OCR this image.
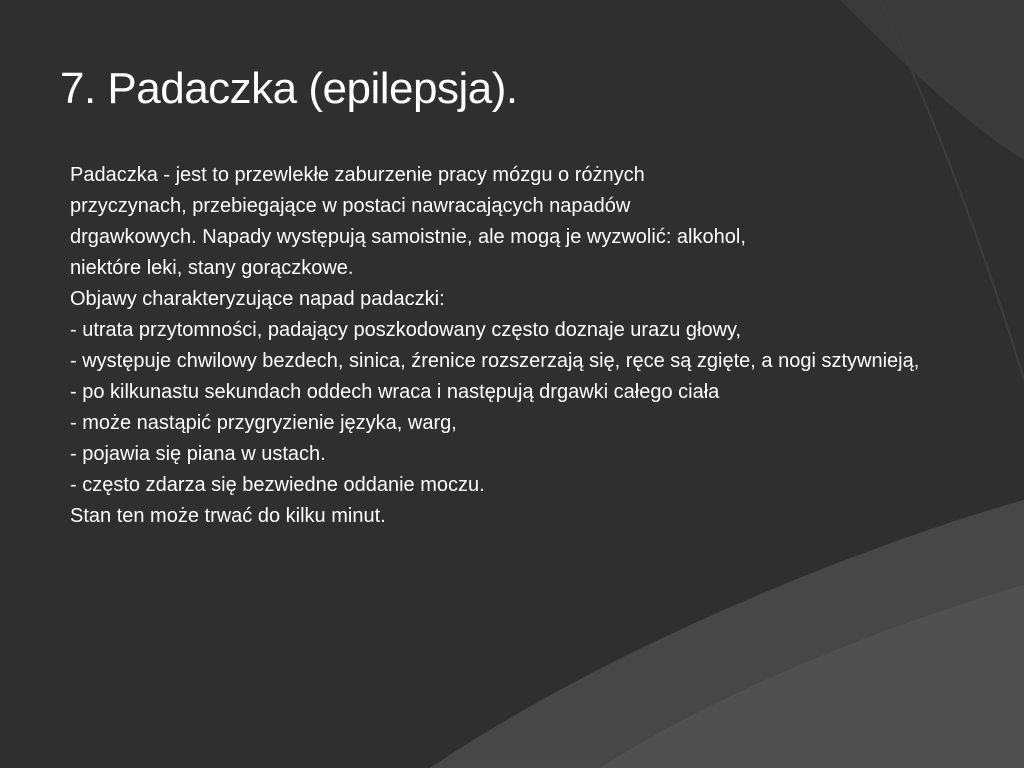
7. Padaczka (epilepsja).
Padaczka - jest to przewlekłe zaburzenie pracy mózgu o różnych
przyczynach, przebiegające w postaci nawracających napadów
drgawkowych. Napady występują samoistnie, ale mogą je wyzwolić: alkohol,
niektóre leki, stany gorączkowe.
Objawy charakteryzujące napad padaczki:
- utrata przytomności, padający poszkodowany często doznaje urazu głowy,
- występuje chwilowy bezdech, sinica, źrenice rozszerzają się, ręce są zgięte, a nogi sztywnieją,
- po kilkunastu sekundach oddech wraca i następują drgawki całego ciała
- może nastąpić przygryzienie języka, warg,
- pojawia się piana w ustach.
- często zdarza się bezwiedne oddanie moczu.
Stan ten może trwać do kilku minut.
